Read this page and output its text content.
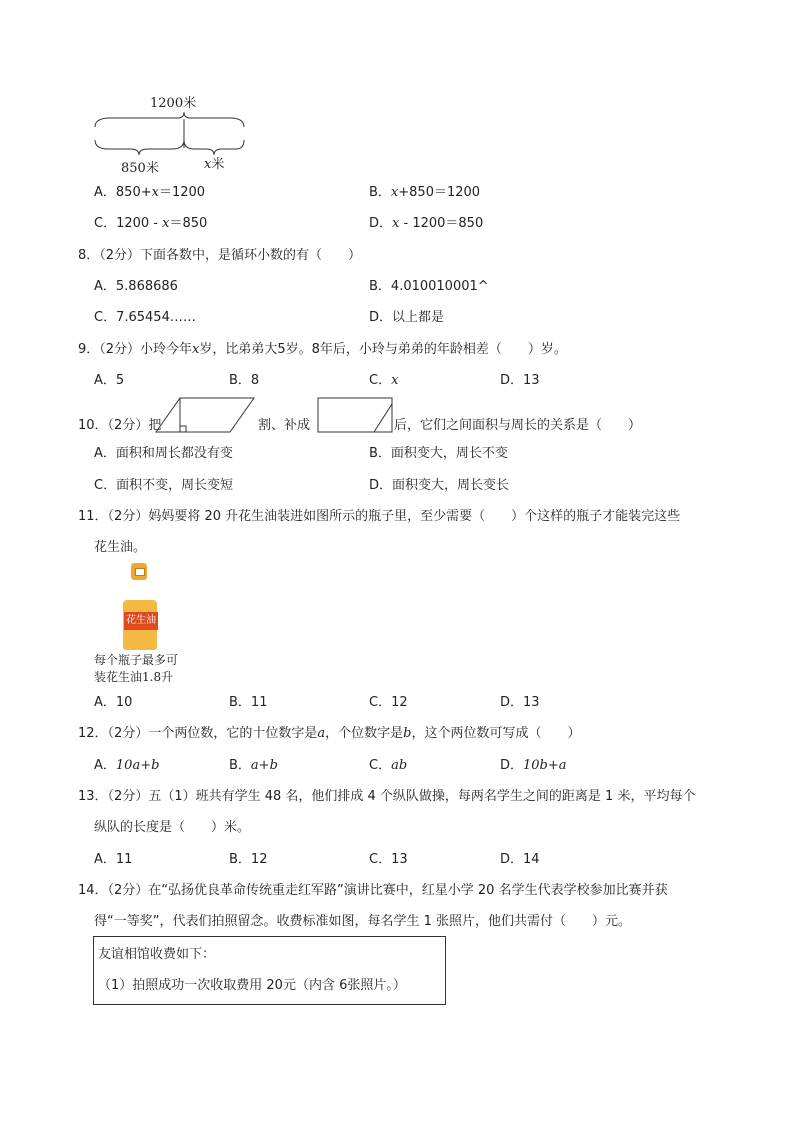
1200米
850米	x米
A．850+x＝1200	B．x+850＝1200
C．1200 - x＝850	D．x - 1200＝850
8．（2分）下面各数中，是循环小数的有（　　）
A．5.868686	B．4.010010001^
C．7.65454……	D．以上都是
9．（2分）小玲今年x岁，比弟弟大5岁。8年后，小玲与弟弟的年龄相差（　　）岁。
A．5	B．8	C．x	D．13
10．（2分）把	割、补成	后，它们之间面积与周长的关系是（　　）
A．面积和周长都没有变	B．面积变大，周长不变
C．面积不变，周长变短	D．面积变大，周长变长
11．（2分）妈妈要将 20 升花生油装进如图所示的瓶子里，至少需要（　　）个这样的瓶子才能装完这些
花生油。
花生油
每个瓶子最多可
装花生油1.8升
A．10	B．11	C．12	D．13
12．（2分）一个两位数，它的十位数字是a，个位数字是b，这个两位数可写成（　　）
A．10a+b	B．a+b	C．ab	D．10b+a
13．（2分）五（1）班共有学生 48 名，他们排成 4 个纵队做操，每两名学生之间的距离是 1 米，平均每个
纵队的长度是（　　）米。
A．11	B．12	C．13	D．14
14．（2分）在“弘扬优良革命传统重走红军路”演讲比赛中，红星小学 20 名学生代表学校参加比赛并获
得“一等奖”，代表们拍照留念。收费标准如图，每名学生 1 张照片，他们共需付（　　）元。
友谊相馆收费如下：
（1）拍照成功一次收取费用 20元（内含 6张照片。）
